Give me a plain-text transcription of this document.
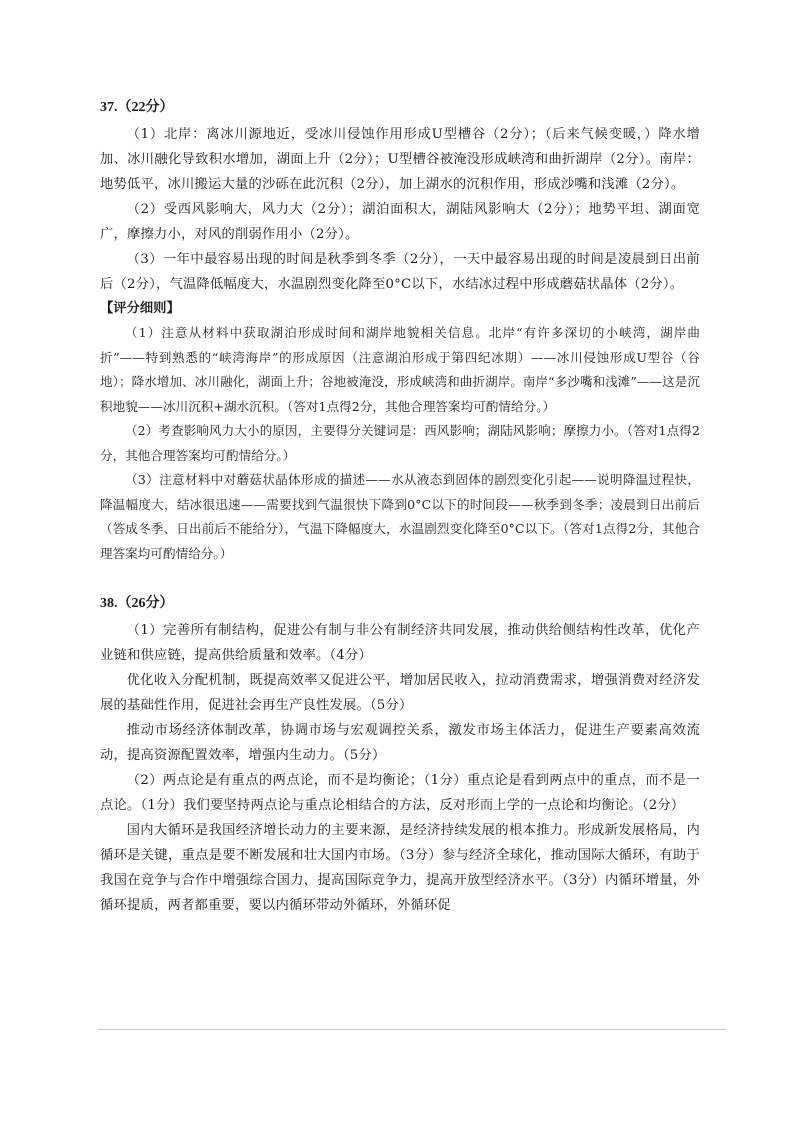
37.（22分）

（1）北岸：离冰川源地近，受冰川侵蚀作用形成U型槽谷（2分）；（后来气候变暖，）降水增加、冰川融化导致积水增加，湖面上升（2分）；U型槽谷被淹没形成峡湾和曲折湖岸（2分）。南岸：地势低平，冰川搬运大量的沙砾在此沉积（2分），加上湖水的沉积作用，形成沙嘴和浅滩（2分）。

（2）受西风影响大，风力大（2分）；湖泊面积大，湖陆风影响大（2分）；地势平坦、湖面宽广，摩擦力小，对风的削弱作用小（2分）。

（3）一年中最容易出现的时间是秋季到冬季（2分），一天中最容易出现的时间是凌晨到日出前后（2分），气温降低幅度大，水温剧烈变化降至0°C以下，水结冰过程中形成蘑菇状晶体（2分）。

【评分细则】

（1）注意从材料中获取湖泊形成时间和湖岸地貌相关信息。北岸“有许多深切的小峡湾，湖岸曲折”——特到熟悉的“峡湾海岸”的形成原因（注意湖泊形成于第四纪冰期）——冰川侵蚀形成U型谷（谷地）；降水增加、冰川融化，湖面上升；谷地被淹没，形成峡湾和曲折湖岸。南岸“多沙嘴和浅滩”——这是沉积地貌——冰川沉积+湖水沉积。（答对1点得2分，其他合理答案均可酌情给分。）

（2）考查影响风力大小的原因，主要得分关键词是：西风影响；湖陆风影响；摩擦力小。（答对1点得2分，其他合理答案均可酌情给分。）

（3）注意材料中对蘑菇状晶体形成的描述——水从液态到固体的剧烈变化引起——说明降温过程快，降温幅度大，结冰很迅速——需要找到气温很快下降到0°C以下的时间段——秋季到冬季；凌晨到日出前后（答成冬季、日出前后不能给分），气温下降幅度大，水温剧烈变化降至0°C以下。（答对1点得2分，其他合理答案均可酌情给分。）

38.（26分）

（1）完善所有制结构，促进公有制与非公有制经济共同发展，推动供给侧结构性改革，优化产业链和供应链，提高供给质量和效率。（4分）

优化收入分配机制，既提高效率又促进公平，增加居民收入，拉动消费需求，增强消费对经济发展的基础性作用，促进社会再生产良性发展。（5分）

推动市场经济体制改革，协调市场与宏观调控关系，激发市场主体活力，促进生产要素高效流动，提高资源配置效率，增强内生动力。（5分）

（2）两点论是有重点的两点论，而不是均衡论；（1分）重点论是看到两点中的重点，而不是一点论。（1分）我们要坚持两点论与重点论相结合的方法，反对形而上学的一点论和均衡论。（2分）

国内大循环是我国经济增长动力的主要来源，是经济持续发展的根本推力。形成新发展格局，内循环是关键，重点是要不断发展和壮大国内市场。（3分）参与经济全球化，推动国际大循环，有助于我国在竞争与合作中增强综合国力，提高国际竞争力，提高开放型经济水平。（3分）内循环增量，外循环提质，两者都重要，要以内循环带动外循环，外循环促
